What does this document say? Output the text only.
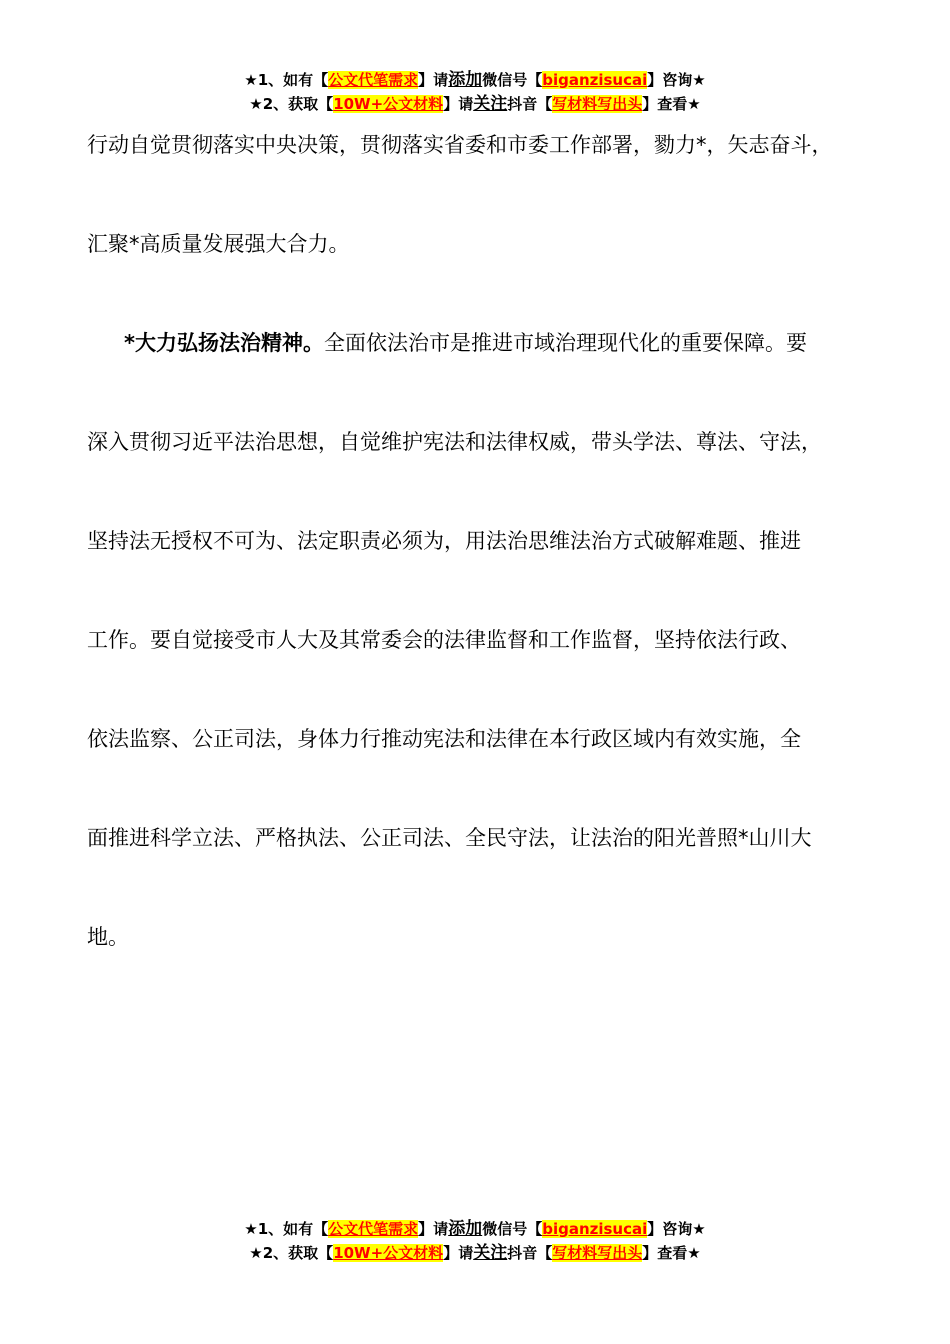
★1、如有【公文代笔需求】请添加微信号【biganzisucai】咨询★
★2、获取【10W+公文材料】请关注抖音【写材料写出头】查看★
行动自觉贯彻落实中央决策，贯彻落实省委和市委工作部署，勠力*，矢志奋斗，
汇聚*高质量发展强大合力。
*大力弘扬法治精神。全面依法治市是推进市域治理现代化的重要保障。要
深入贯彻习近平法治思想，自觉维护宪法和法律权威，带头学法、尊法、守法，
坚持法无授权不可为、法定职责必须为，用法治思维法治方式破解难题、推进
工作。要自觉接受市人大及其常委会的法律监督和工作监督，坚持依法行政、
依法监察、公正司法，身体力行推动宪法和法律在本行政区域内有效实施，全
面推进科学立法、严格执法、公正司法、全民守法，让法治的阳光普照*山川大
地。
★1、如有【公文代笔需求】请添加微信号【biganzisucai】咨询★
★2、获取【10W+公文材料】请关注抖音【写材料写出头】查看★
